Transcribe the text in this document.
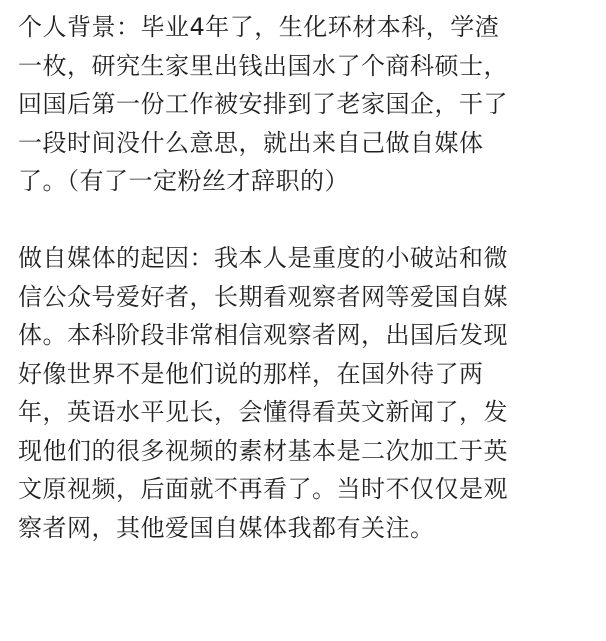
个人背景：毕业4年了，生化环材本科，学渣
一枚，研究生家里出钱出国水了个商科硕士，
回国后第一份工作被安排到了老家国企，干了
一段时间没什么意思，就出来自己做自媒体
了。（有了一定粉丝才辞职的）
做自媒体的起因：我本人是重度的小破站和微
信公众号爱好者，长期看观察者网等爱国自媒
体。本科阶段非常相信观察者网，出国后发现
好像世界不是他们说的那样，在国外待了两
年，英语水平见长，会懂得看英文新闻了，发
现他们的很多视频的素材基本是二次加工于英
文原视频，后面就不再看了。当时不仅仅是观
察者网，其他爱国自媒体我都有关注。
